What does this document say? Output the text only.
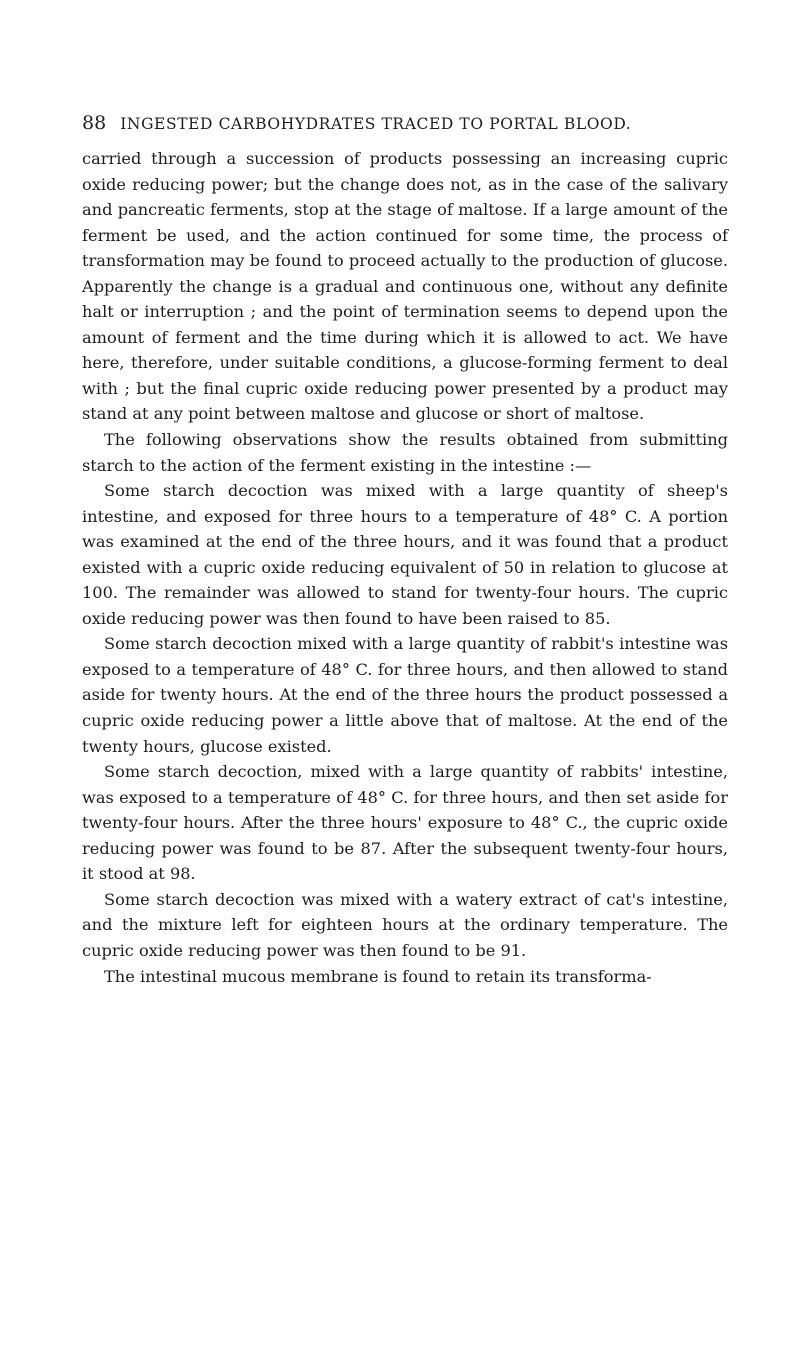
88 INGESTED CARBOHYDRATES TRACED TO PORTAL BLOOD.

carried through a succession of products possessing an increasing cupric oxide reducing power; but the change does not, as in the case of the salivary and pancreatic ferments, stop at the stage of maltose. If a large amount of the ferment be used, and the action continued for some time, the process of transformation may be found to proceed actually to the production of glucose. Apparently the change is a gradual and continuous one, without any definite halt or interruption ; and the point of termination seems to depend upon the amount of ferment and the time during which it is allowed to act. We have here, therefore, under suitable conditions, a glucose-forming ferment to deal with ; but the final cupric oxide reducing power presented by a product may stand at any point between maltose and glucose or short of maltose.

The following observations show the results obtained from submitting starch to the action of the ferment existing in the intestine :—

Some starch decoction was mixed with a large quantity of sheep's intestine, and exposed for three hours to a temperature of 48° C. A portion was examined at the end of the three hours, and it was found that a product existed with a cupric oxide reducing equivalent of 50 in relation to glucose at 100. The remainder was allowed to stand for twenty-four hours. The cupric oxide reducing power was then found to have been raised to 85.

Some starch decoction mixed with a large quantity of rabbit's intestine was exposed to a temperature of 48° C. for three hours, and then allowed to stand aside for twenty hours. At the end of the three hours the product possessed a cupric oxide reducing power a little above that of maltose. At the end of the twenty hours, glucose existed.

Some starch decoction, mixed with a large quantity of rabbits' intestine, was exposed to a temperature of 48° C. for three hours, and then set aside for twenty-four hours. After the three hours' exposure to 48° C., the cupric oxide reducing power was found to be 87. After the subsequent twenty-four hours, it stood at 98.

Some starch decoction was mixed with a watery extract of cat's intestine, and the mixture left for eighteen hours at the ordinary temperature. The cupric oxide reducing power was then found to be 91.

The intestinal mucous membrane is found to retain its transforma-
